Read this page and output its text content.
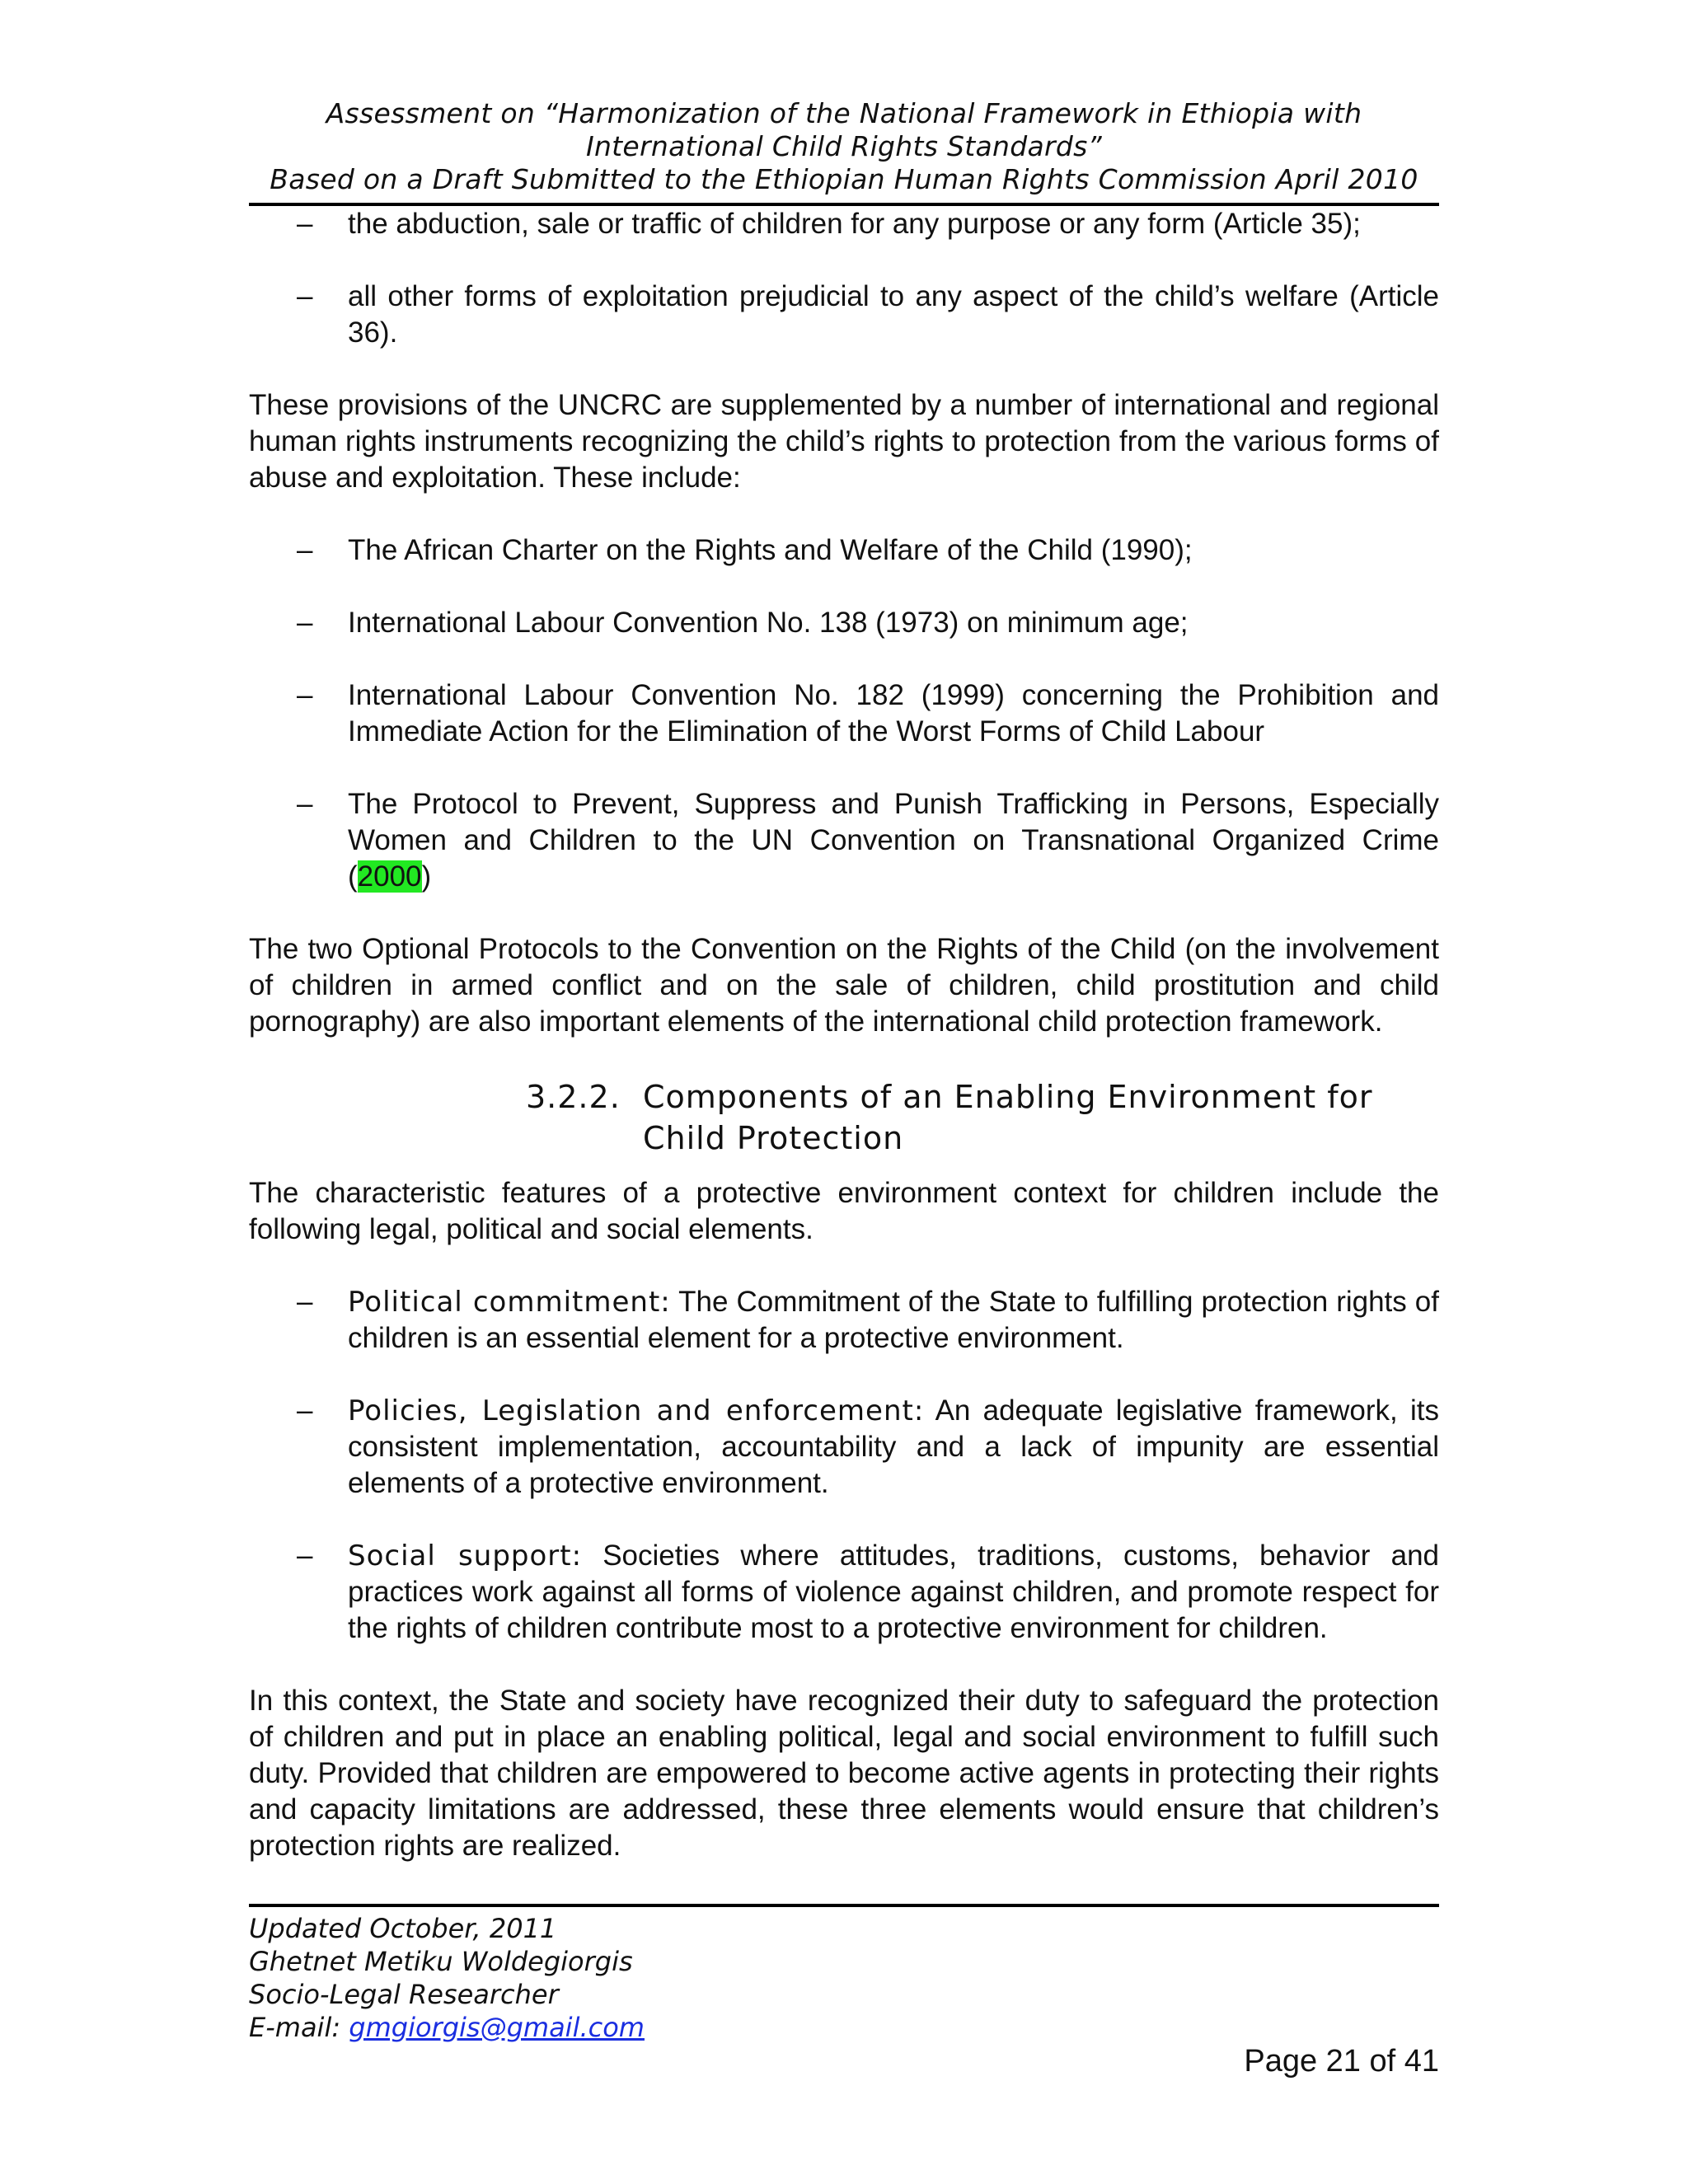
Assessment on “Harmonization of the National Framework in Ethiopia with
International Child Rights Standards”
Based on a Draft Submitted to the Ethiopian Human Rights Commission April 2010
– the abduction, sale or traffic of children for any purpose or any form (Article 35);
– all other forms of exploitation prejudicial to any aspect of the child’s welfare (Article 36).
These provisions of the UNCRC are supplemented by a number of international and regional human rights instruments recognizing the child’s rights to protection from the various forms of abuse and exploitation. These include:
– The African Charter on the Rights and Welfare of the Child (1990);
– International Labour Convention No. 138 (1973) on minimum age;
– International Labour Convention No. 182 (1999) concerning the Prohibition and Immediate Action for the Elimination of the Worst Forms of Child Labour
– The Protocol to Prevent, Suppress and Punish Trafficking in Persons, Especially Women and Children to the UN Convention on Transnational Organized Crime (2000)
The two Optional Protocols to the Convention on the Rights of the Child (on the involvement of children in armed conflict and on the sale of children, child prostitution and child pornography) are also important elements of the international child protection framework.
3.2.2. Components of an Enabling Environment for
Child Protection
The characteristic features of a protective environment context for children include the following legal, political and social elements.
– Political commitment: The Commitment of the State to fulfilling protection rights of children is an essential element for a protective environment.
– Policies, Legislation and enforcement: An adequate legislative framework, its consistent implementation, accountability and a lack of impunity are essential elements of a protective environment.
– Social support: Societies where attitudes, traditions, customs, behavior and practices work against all forms of violence against children, and promote respect for the rights of children contribute most to a protective environment for children.
In this context, the State and society have recognized their duty to safeguard the protection of children and put in place an enabling political, legal and social environment to fulfill such duty. Provided that children are empowered to become active agents in protecting their rights and capacity limitations are addressed, these three elements would ensure that children’s protection rights are realized.
Updated October, 2011
Ghetnet Metiku Woldegiorgis
Socio-Legal Researcher
E-mail: gmgiorgis@gmail.com
Page 21 of 41
